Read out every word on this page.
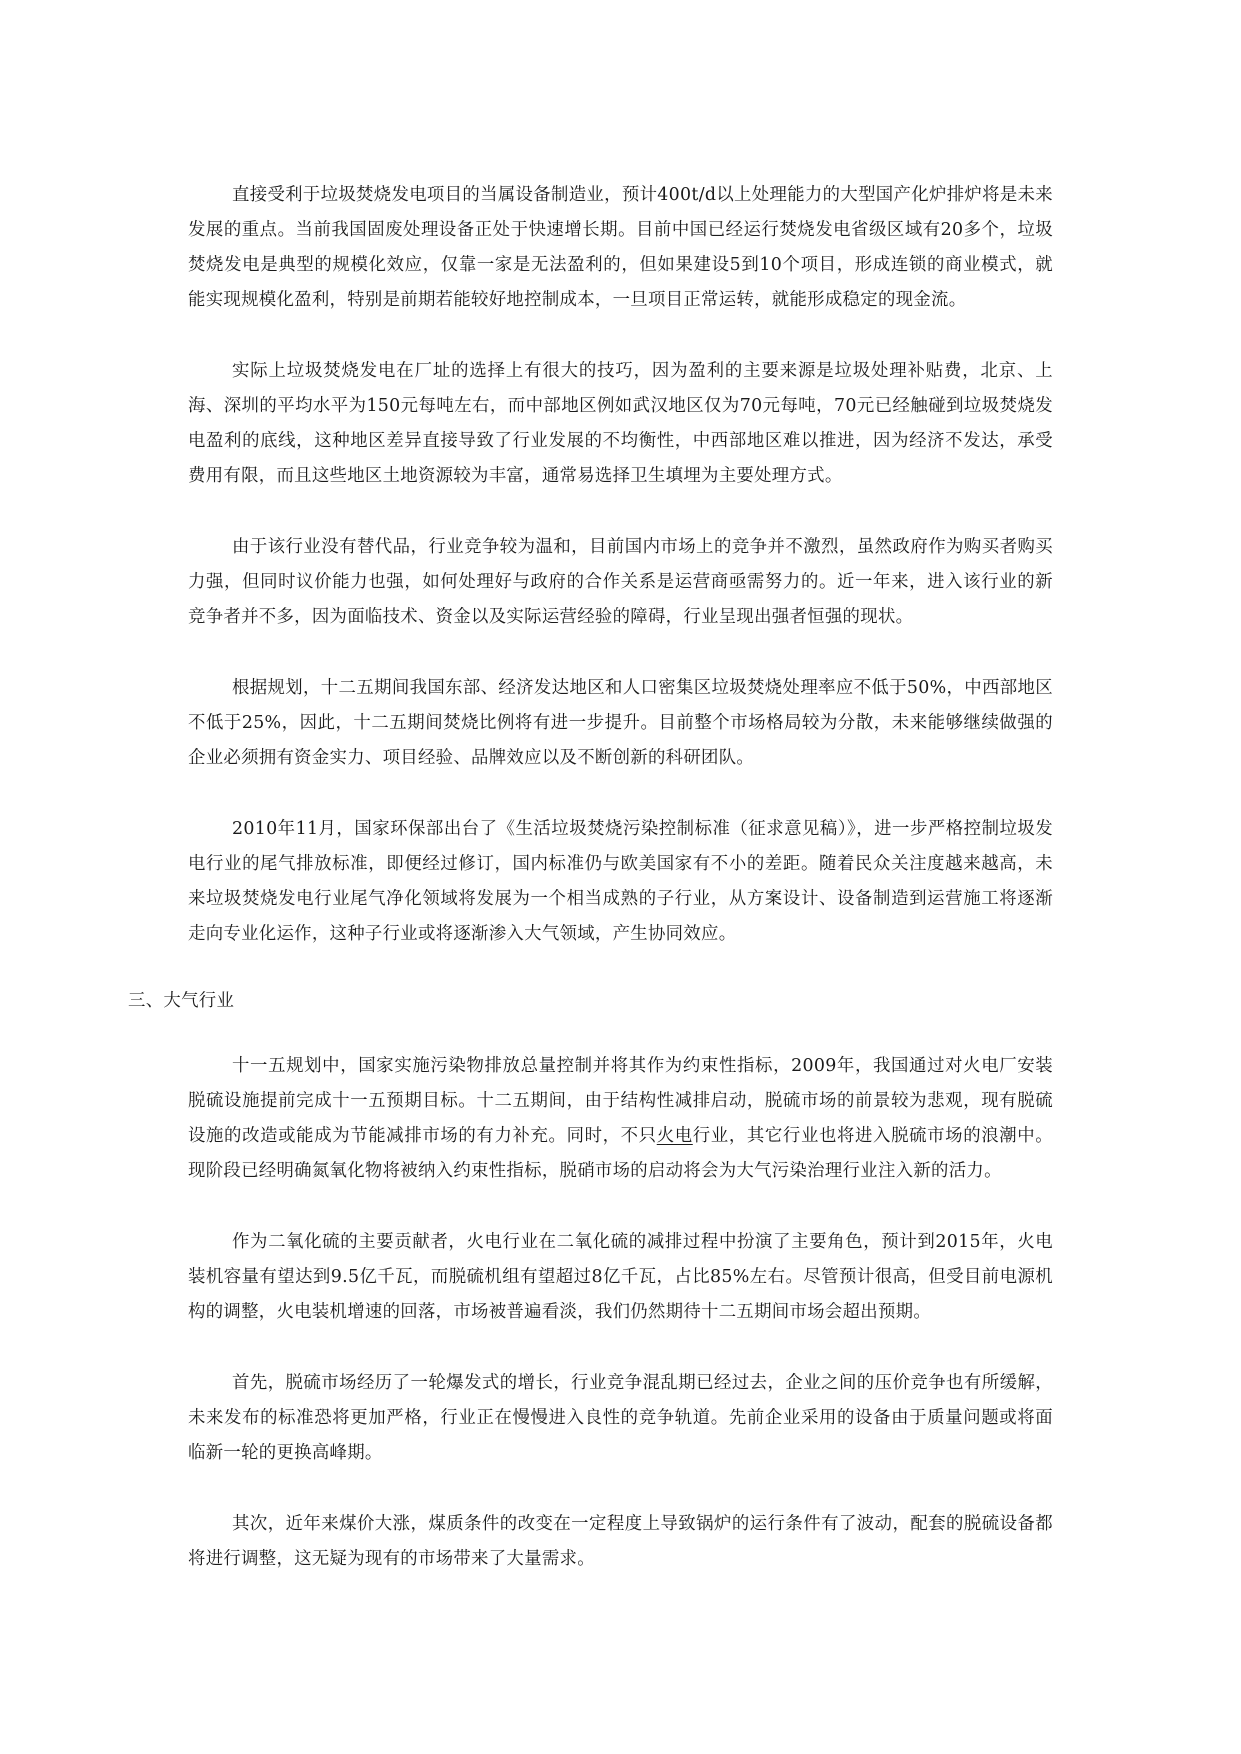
直接受利于垃圾焚烧发电项目的当属设备制造业，预计400t/d以上处理能力的大型国产化炉排炉将是未来发展的重点。当前我国固废处理设备正处于快速增长期。目前中国已经运行焚烧发电省级区域有20多个，垃圾焚烧发电是典型的规模化效应，仅靠一家是无法盈利的，但如果建设5到10个项目，形成连锁的商业模式，就能实现规模化盈利，特别是前期若能较好地控制成本，一旦项目正常运转，就能形成稳定的现金流。

实际上垃圾焚烧发电在厂址的选择上有很大的技巧，因为盈利的主要来源是垃圾处理补贴费，北京、上海、深圳的平均水平为150元每吨左右，而中部地区例如武汉地区仅为70元每吨，70元已经触碰到垃圾焚烧发电盈利的底线，这种地区差异直接导致了行业发展的不均衡性，中西部地区难以推进，因为经济不发达，承受费用有限，而且这些地区土地资源较为丰富，通常易选择卫生填埋为主要处理方式。

由于该行业没有替代品，行业竞争较为温和，目前国内市场上的竞争并不激烈，虽然政府作为购买者购买力强，但同时议价能力也强，如何处理好与政府的合作关系是运营商亟需努力的。近一年来，进入该行业的新竞争者并不多，因为面临技术、资金以及实际运营经验的障碍，行业呈现出强者恒强的现状。

根据规划，十二五期间我国东部、经济发达地区和人口密集区垃圾焚烧处理率应不低于50%，中西部地区不低于25%，因此，十二五期间焚烧比例将有进一步提升。目前整个市场格局较为分散，未来能够继续做强的企业必须拥有资金实力、项目经验、品牌效应以及不断创新的科研团队。

2010年11月，国家环保部出台了《生活垃圾焚烧污染控制标准（征求意见稿）》，进一步严格控制垃圾发电行业的尾气排放标准，即便经过修订，国内标准仍与欧美国家有不小的差距。随着民众关注度越来越高，未来垃圾焚烧发电行业尾气净化领域将发展为一个相当成熟的子行业，从方案设计、设备制造到运营施工将逐渐走向专业化运作，这种子行业或将逐渐渗入大气领域，产生协同效应。

三、大气行业

十一五规划中，国家实施污染物排放总量控制并将其作为约束性指标，2009年，我国通过对火电厂安装脱硫设施提前完成十一五预期目标。十二五期间，由于结构性减排启动，脱硫市场的前景较为悲观，现有脱硫设施的改造或能成为节能减排市场的有力补充。同时，不只火电行业，其它行业也将进入脱硫市场的浪潮中。现阶段已经明确氮氧化物将被纳入约束性指标，脱硝市场的启动将会为大气污染治理行业注入新的活力。

作为二氧化硫的主要贡献者，火电行业在二氧化硫的减排过程中扮演了主要角色，预计到2015年，火电装机容量有望达到9.5亿千瓦，而脱硫机组有望超过8亿千瓦，占比85%左右。尽管预计很高，但受目前电源机构的调整，火电装机增速的回落，市场被普遍看淡，我们仍然期待十二五期间市场会超出预期。

首先，脱硫市场经历了一轮爆发式的增长，行业竞争混乱期已经过去，企业之间的压价竞争也有所缓解，未来发布的标准恐将更加严格，行业正在慢慢进入良性的竞争轨道。先前企业采用的设备由于质量问题或将面临新一轮的更换高峰期。

其次，近年来煤价大涨，煤质条件的改变在一定程度上导致锅炉的运行条件有了波动，配套的脱硫设备都将进行调整，这无疑为现有的市场带来了大量需求。
